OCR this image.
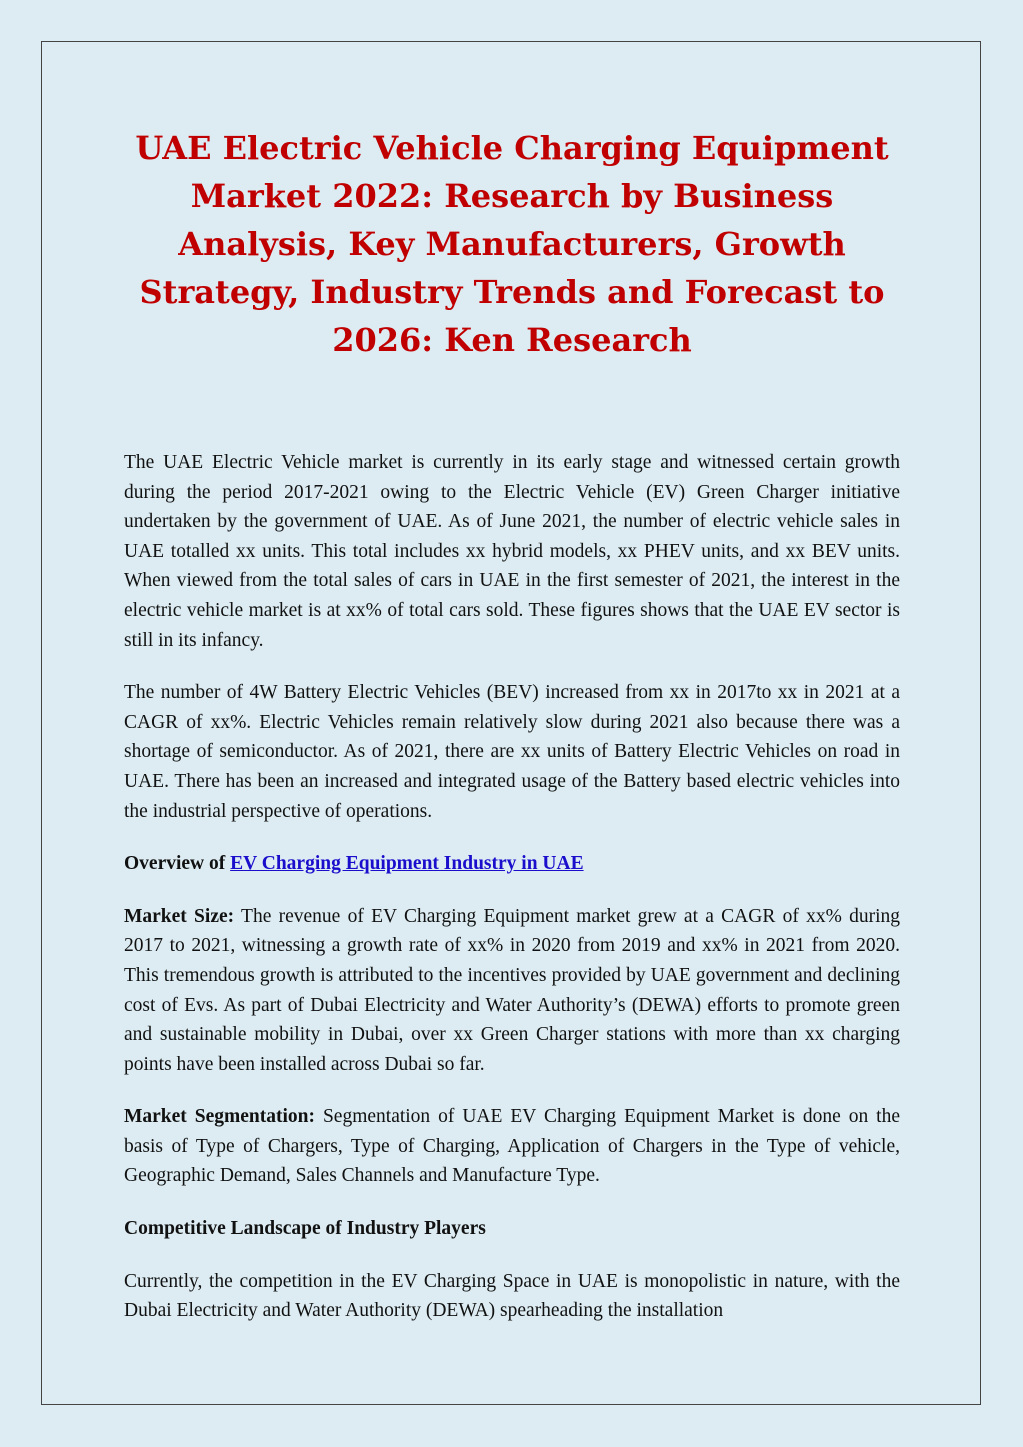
UAE Electric Vehicle Charging Equipment Market 2022: Research by Business Analysis, Key Manufacturers, Growth Strategy, Industry Trends and Forecast to 2026: Ken Research

The UAE Electric Vehicle market is currently in its early stage and witnessed certain growth during the period 2017-2021 owing to the Electric Vehicle (EV) Green Charger initiative undertaken by the government of UAE. As of June 2021, the number of electric vehicle sales in UAE totalled xx units. This total includes xx hybrid models, xx PHEV units, and xx BEV units. When viewed from the total sales of cars in UAE in the first semester of 2021, the interest in the electric vehicle market is at xx% of total cars sold. These figures shows that the UAE EV sector is still in its infancy.

The number of 4W Battery Electric Vehicles (BEV) increased from xx in 2017to xx in 2021 at a CAGR of xx%. Electric Vehicles remain relatively slow during 2021 also because there was a shortage of semiconductor. As of 2021, there are xx units of Battery Electric Vehicles on road in UAE. There has been an increased and integrated usage of the Battery based electric vehicles into the industrial perspective of operations.

Overview of EV Charging Equipment Industry in UAE

Market Size: The revenue of EV Charging Equipment market grew at a CAGR of xx% during 2017 to 2021, witnessing a growth rate of xx% in 2020 from 2019 and xx% in 2021 from 2020. This tremendous growth is attributed to the incentives provided by UAE government and declining cost of Evs. As part of Dubai Electricity and Water Authority’s (DEWA) efforts to promote green and sustainable mobility in Dubai, over xx Green Charger stations with more than xx charging points have been installed across Dubai so far.

Market Segmentation: Segmentation of UAE EV Charging Equipment Market is done on the basis of Type of Chargers, Type of Charging, Application of Chargers in the Type of vehicle, Geographic Demand, Sales Channels and Manufacture Type.

Competitive Landscape of Industry Players

Currently, the competition in the EV Charging Space in UAE is monopolistic in nature, with the Dubai Electricity and Water Authority (DEWA) spearheading the installation
